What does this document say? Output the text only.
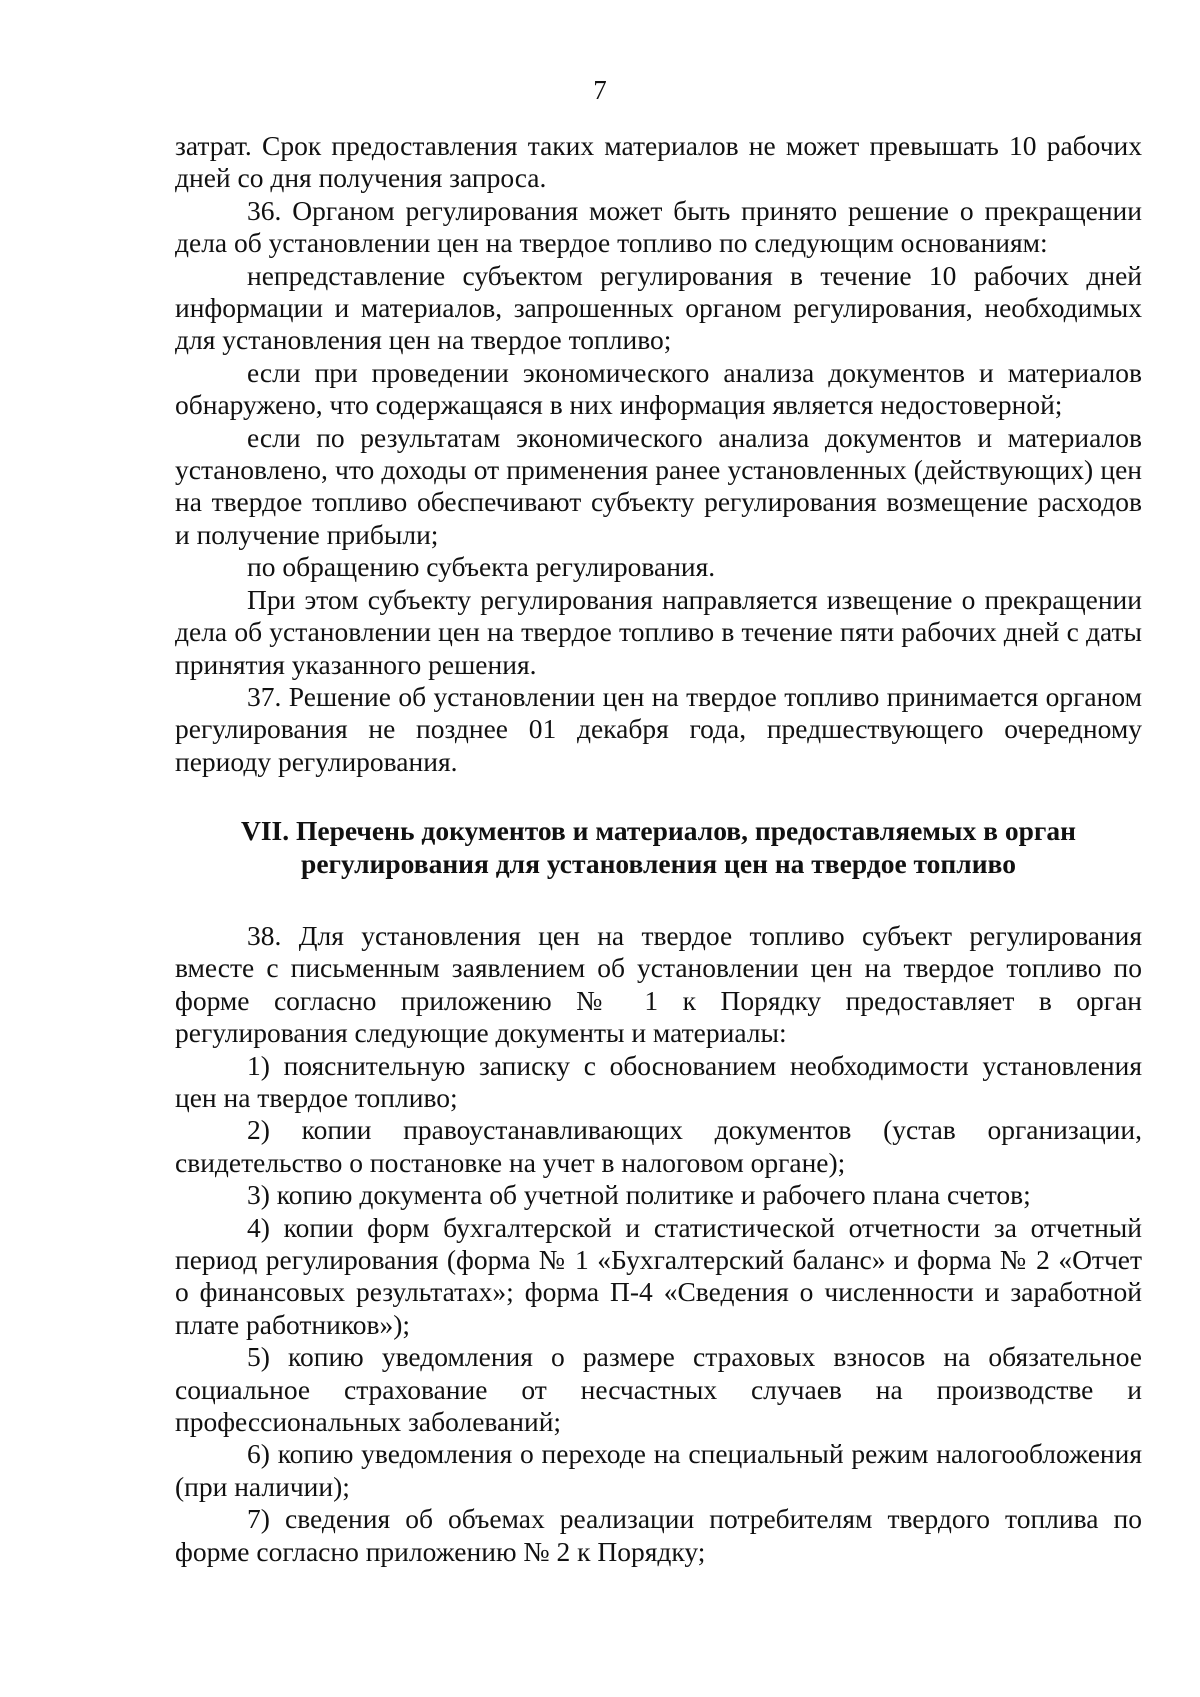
7

затрат. Срок предоставления таких материалов не может превышать 10 рабочих дней со дня получения запроса.

36. Органом регулирования может быть принято решение о прекращении дела об установлении цен на твердое топливо по следующим основаниям:

непредставление субъектом регулирования в течение 10 рабочих дней информации и материалов, запрошенных органом регулирования, необходимых для установления цен на твердое топливо;

если при проведении экономического анализа документов и материалов обнаружено, что содержащаяся в них информация является недостоверной;

если по результатам экономического анализа документов и материалов установлено, что доходы от применения ранее установленных (действующих) цен на твердое топливо обеспечивают субъекту регулирования возмещение расходов и получение прибыли;

по обращению субъекта регулирования.

При этом субъекту регулирования направляется извещение о прекращении дела об установлении цен на твердое топливо в течение пяти рабочих дней с даты принятия указанного решения.

37. Решение об установлении цен на твердое топливо принимается органом регулирования не позднее 01 декабря года, предшествующего очередному периоду регулирования.

VII. Перечень документов и материалов, предоставляемых в орган
регулирования для установления цен на твердое топливо

38. Для установления цен на твердое топливо субъект регулирования вместе с письменным заявлением об установлении цен на твердое топливо по форме согласно приложению № 1 к Порядку предоставляет в орган регулирования следующие документы и материалы:

1) пояснительную записку с обоснованием необходимости установления цен на твердое топливо;

2) копии правоустанавливающих документов (устав организации, свидетельство о постановке на учет в налоговом органе);

3) копию документа об учетной политике и рабочего плана счетов;

4) копии форм бухгалтерской и статистической отчетности за отчетный период регулирования (форма № 1 «Бухгалтерский баланс» и форма № 2 «Отчет о финансовых результатах»; форма П-4 «Сведения о численности и заработной плате работников»);

5) копию уведомления о размере страховых взносов на обязательное социальное страхование от несчастных случаев на производстве и профессиональных заболеваний;

6) копию уведомления о переходе на специальный режим налогообложения (при наличии);

7) сведения об объемах реализации потребителям твердого топлива по форме согласно приложению № 2 к Порядку;
